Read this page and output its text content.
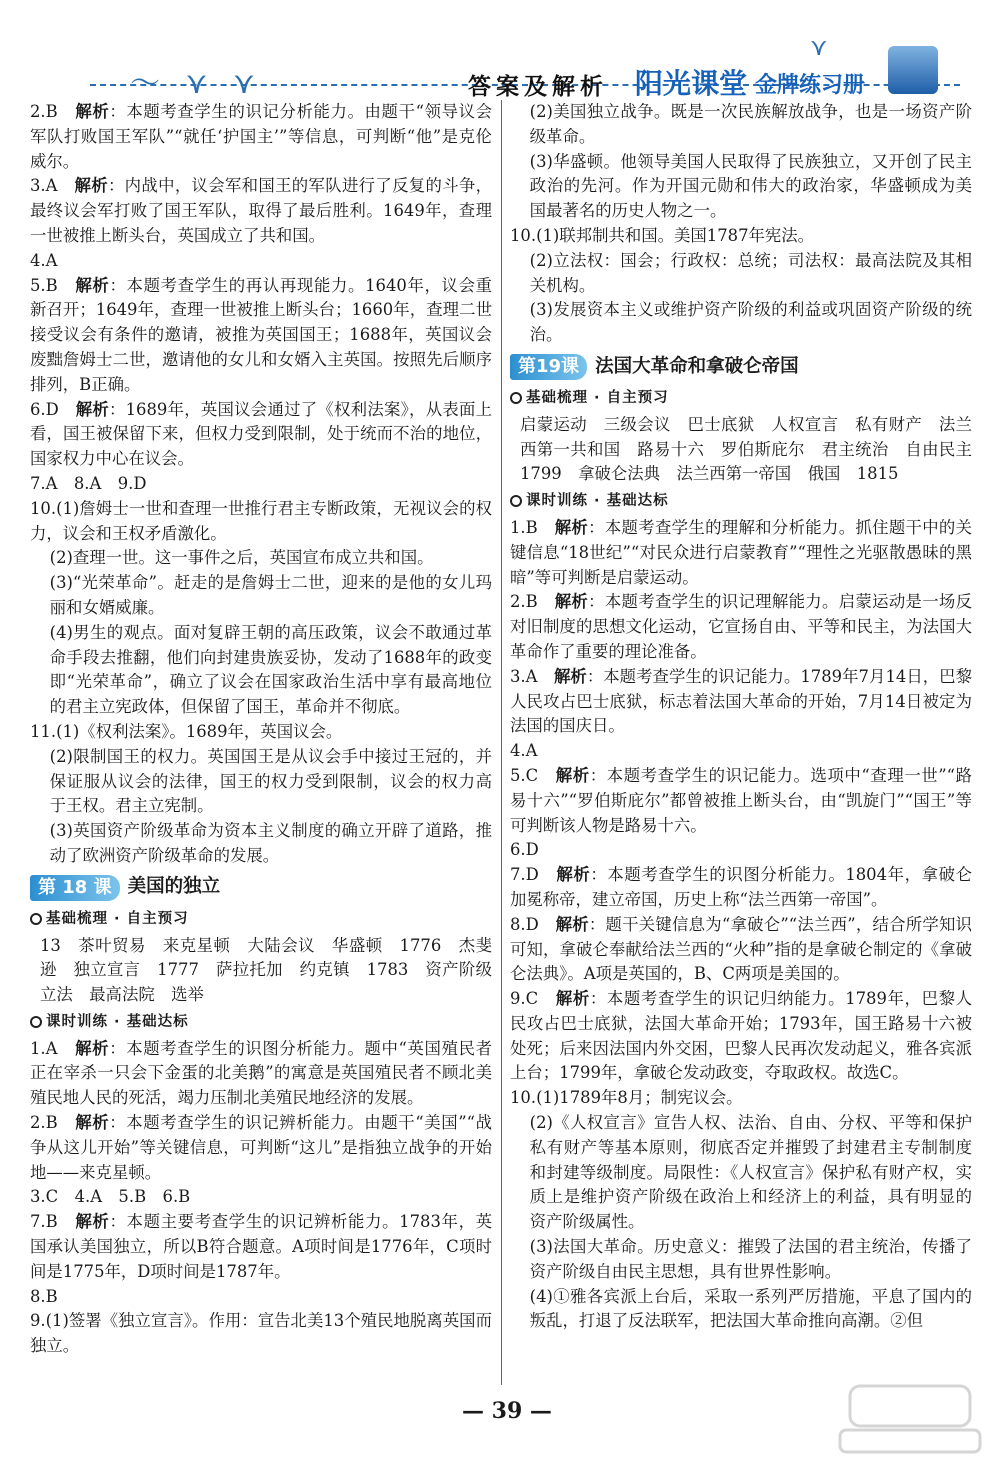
〜 ⋎ ⋎
⋎
答案及解析 阳光课堂 金牌练习册

2.B　 解析：本题考查学生的识记分析能力。由题干“领导议会军队打败国王军队”“就任‘护国主’”等信息，可判断“他”是克伦威尔。

3.A　 解析：内战中，议会军和国王的军队进行了反复的斗争，最终议会军打败了国王军队，取得了最后胜利。1649年，查理一世被推上断头台，英国成立了共和国。

4.A

5.B　 解析：本题考查学生的再认再现能力。1640年，议会重新召开；1649年，查理一世被推上断头台；1660年，查理二世接受议会有条件的邀请，被推为英国国王；1688年，英国议会废黜詹姆士二世，邀请他的女儿和女婿入主英国。按照先后顺序排列，B正确。

6.D　 解析：1689年，英国议会通过了《权利法案》，从表面上看，国王被保留下来，但权力受到限制，处于统而不治的地位，国家权力中心在议会。

7.A　8.A　9.D

10.(1)詹姆士一世和查理一世推行君主专断政策，无视议会的权力，议会和王权矛盾激化。

(2)查理一世。这一事件之后，英国宣布成立共和国。

(3)“光荣革命”。赶走的是詹姆士二世，迎来的是他的女儿玛丽和女婿威廉。

(4)男生的观点。面对复辟王朝的高压政策，议会不敢通过革命手段去推翻，他们向封建贵族妥协，发动了1688年的政变即“光荣革命”，确立了议会在国家政治生活中享有最高地位的君主立宪政体，但保留了国王，革命并不彻底。

11.(1)《权利法案》。1689年，英国议会。

(2)限制国王的权力。英国国王是从议会手中接过王冠的，并保证服从议会的法律，国王的权力受到限制，议会的权力高于王权。君主立宪制。

(3)英国资产阶级革命为资本主义制度的确立开辟了道路，推动了欧洲资产阶级革命的发展。

第 18 课 美国的独立
基础梳理 · 自主预习

13　茶叶贸易　来克星顿　大陆会议　华盛顿　1776　杰斐逊　独立宣言　1777　萨拉托加　约克镇　1783　资产阶级　立法　最高法院　选举

课时训练 · 基础达标

1.A　 解析：本题考查学生的识图分析能力。题中“英国殖民者正在宰杀一只会下金蛋的北美鹅”的寓意是英国殖民者不顾北美殖民地人民的死活，竭力压制北美殖民地经济的发展。

2.B　 解析：本题考查学生的识记辨析能力。由题干“美国”“战争从这儿开始”等关键信息，可判断“这儿”是指独立战争的开始地——来克星顿。

3.C　4.A　5.B　6.B

7.B　 解析：本题主要考查学生的识记辨析能力。1783年，英国承认美国独立，所以B符合题意。A项时间是1776年，C项时间是1775年，D项时间是1787年。

8.B

9.(1)签署《独立宣言》。作用：宣告北美13个殖民地脱离英国而独立。

(2)美国独立战争。既是一次民族解放战争，也是一场资产阶级革命。

(3)华盛顿。他领导美国人民取得了民族独立，又开创了民主政治的先河。作为开国元勋和伟大的政治家，华盛顿成为美国最著名的历史人物之一。

10.(1)联邦制共和国。美国1787年宪法。

(2)立法权：国会；行政权：总统；司法权：最高法院及其相关机构。

(3)发展资本主义或维护资产阶级的利益或巩固资产阶级的统治。

第19课 法国大革命和拿破仑帝国
基础梳理 · 自主预习

启蒙运动　三级会议　巴士底狱　人权宣言　私有财产　法兰西第一共和国　路易十六　罗伯斯庇尔　君主统治　自由民主　1799　拿破仑法典　法兰西第一帝国　俄国　1815

课时训练 · 基础达标

1.B　 解析：本题考查学生的理解和分析能力。抓住题干中的关键信息“18世纪”“对民众进行启蒙教育”“理性之光驱散愚昧的黑暗”等可判断是启蒙运动。

2.B　 解析：本题考查学生的识记理解能力。启蒙运动是一场反对旧制度的思想文化运动，它宣扬自由、平等和民主，为法国大革命作了重要的理论准备。

3.A　 解析：本题考查学生的识记能力。1789年7月14日，巴黎人民攻占巴士底狱，标志着法国大革命的开始，7月14日被定为法国的国庆日。

4.A

5.C　 解析：本题考查学生的识记能力。选项中“查理一世”“路易十六”“罗伯斯庇尔”都曾被推上断头台，由“凯旋门”“国王”等可判断该人物是路易十六。

6.D

7.D　 解析：本题考查学生的识图分析能力。1804年，拿破仑加冕称帝，建立帝国，历史上称“法兰西第一帝国”。

8.D　 解析：题干关键信息为“拿破仑”“法兰西”，结合所学知识可知，拿破仑奉献给法兰西的“火种”指的是拿破仑制定的《拿破仑法典》。A项是英国的，B、C两项是美国的。

9.C　 解析：本题考查学生的识记归纳能力。1789年，巴黎人民攻占巴士底狱，法国大革命开始；1793年，国王路易十六被处死；后来因法国内外交困，巴黎人民再次发动起义，雅各宾派上台；1799年，拿破仑发动政变，夺取政权。故选C。

10.(1)1789年8月；制宪议会。

(2)《人权宣言》宣告人权、法治、自由、分权、平等和保护私有财产等基本原则，彻底否定并摧毁了封建君主专制制度和封建等级制度。局限性：《人权宣言》保护私有财产权，实质上是维护资产阶级在政治上和经济上的利益，具有明显的资产阶级属性。

(3)法国大革命。历史意义：摧毁了法国的君主统治，传播了资产阶级自由民主思想，具有世界性影响。

(4)①雅各宾派上台后，采取一系列严厉措施，平息了国内的叛乱，打退了反法联军，把法国大革命推向高潮。②但

— 39 —
